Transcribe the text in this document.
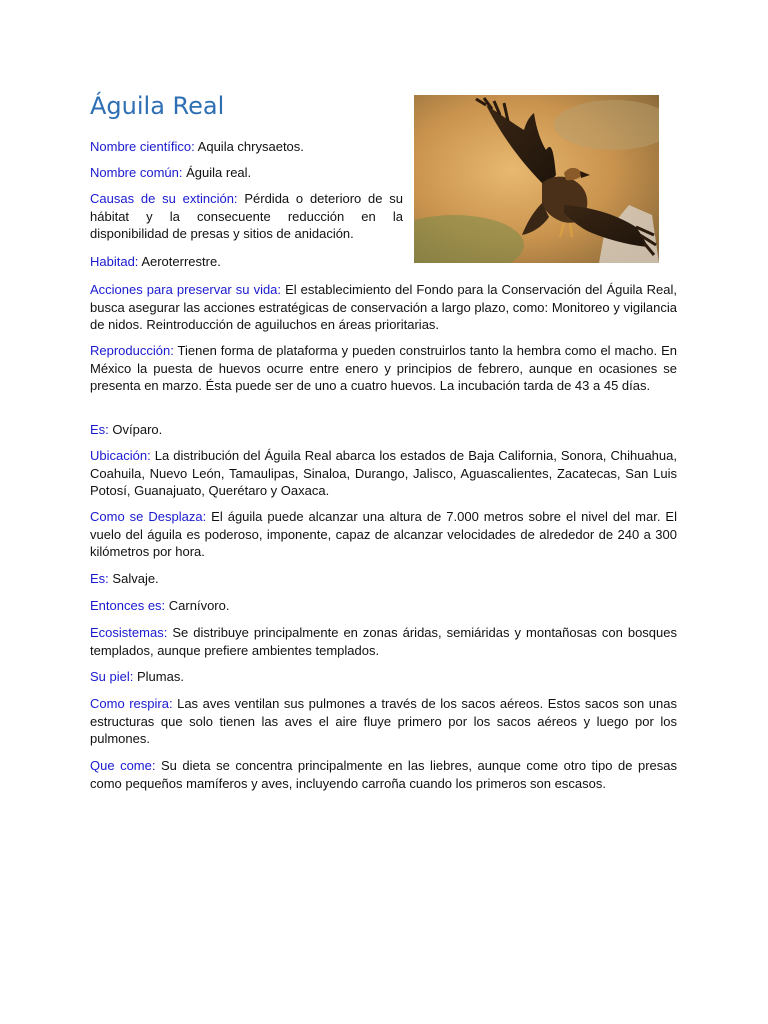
Águila Real

Nombre científico: Aquila chrysaetos.

Nombre común: Águila real.

Causas de su extinción: Pérdida o deterioro de su hábitat y la consecuente reducción en la disponibilidad de presas y sitios de anidación.

Habitad: Aeroterrestre.

Acciones para preservar su vida: El establecimiento del Fondo para la Conservación del Águila Real, busca asegurar las acciones estratégicas de conservación a largo plazo, como: Monitoreo y vigilancia de nidos. Reintroducción de aguiluchos en áreas prioritarias.

Reproducción: Tienen forma de plataforma y pueden construirlos tanto la hembra como el macho. En México la puesta de huevos ocurre entre enero y principios de febrero, aunque en ocasiones se presenta en marzo. Ésta puede ser de uno a cuatro huevos. La incubación tarda de 43 a 45 días.

Es: Ovíparo.

Ubicación: La distribución del Águila Real abarca los estados de Baja California, Sonora, Chihuahua, Coahuila, Nuevo León, Tamaulipas, Sinaloa, Durango, Jalisco, Aguascalientes, Zacatecas, San Luis Potosí, Guanajuato, Querétaro y Oaxaca.

Como se Desplaza: El águila puede alcanzar una altura de 7.000 metros sobre el nivel del mar. El vuelo del águila es poderoso, imponente, capaz de alcanzar velocidades de alrededor de 240 a 300 kilómetros por hora.

Es: Salvaje.

Entonces es: Carnívoro.

Ecosistemas: Se distribuye principalmente en zonas áridas, semiáridas y montañosas con bosques templados, aunque prefiere ambientes templados.

Su piel: Plumas.

Como respira: Las aves ventilan sus pulmones a través de los sacos aéreos. Estos sacos son unas estructuras que solo tienen las aves el aire fluye primero por los sacos aéreos y luego por los pulmones.

Que come: Su dieta se concentra principalmente en las liebres, aunque come otro tipo de presas como pequeños mamíferos y aves, incluyendo carroña cuando los primeros son escasos.
